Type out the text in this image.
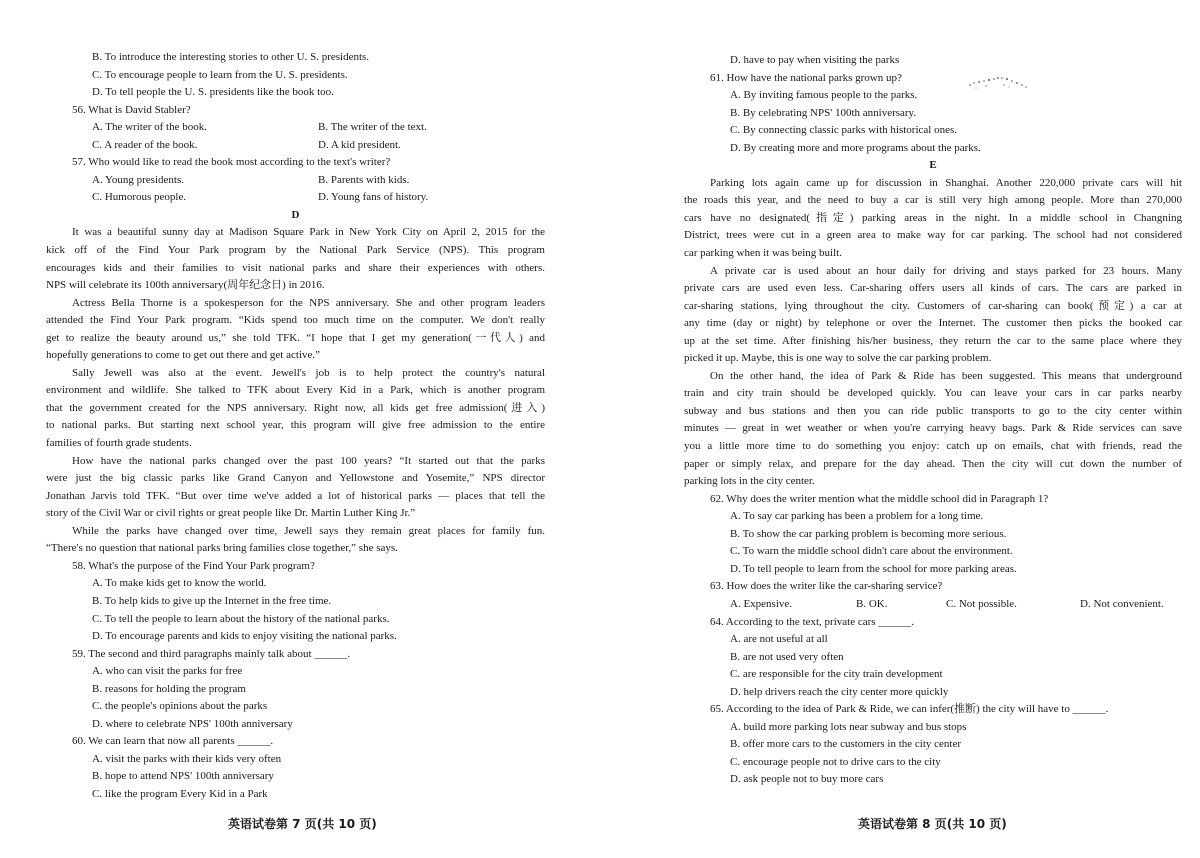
B. To introduce the interesting stories to other U. S. presidents.
C. To encourage people to learn from the U. S. presidents.
D. To tell people the U. S. presidents like the book too.
56. What is David Stabler?
A. The writer of the book.	B. The writer of the text.
C. A reader of the book.	D. A kid president.
57. Who would like to read the book most according to the text's writer?
A. Young presidents.	B. Parents with kids.
C. Humorous people.	D. Young fans of history.
D
It was a beautiful sunny day at Madison Square Park in New York City on April 2, 2015 for the
kick off of the Find Your Park program by the National Park Service (NPS). This program
encourages kids and their families to visit national parks and share their experiences with others.
NPS will celebrate its 100th anniversary(周年纪念日) in 2016.
Actress Bella Thorne is a spokesperson for the NPS anniversary. She and other program leaders
attended the Find Your Park program. “Kids spend too much time on the computer. We don't really
get to realize the beauty around us,” she told TFK. “I hope that I get my generation(一代人) and
hopefully generations to come to get out there and get active.”
Sally Jewell was also at the event. Jewell's job is to help protect the country's natural
environment and wildlife. She talked to TFK about Every Kid in a Park, which is another program
that the government created for the NPS anniversary. Right now, all kids get free admission(进入)
to national parks. But starting next school year, this program will give free admission to the entire
families of fourth grade students.
How have the national parks changed over the past 100 years? “It started out that the parks
were just the big classic parks like Grand Canyon and Yellowstone and Yosemite,” NPS director
Jonathan Jarvis told TFK. “But over time we've added a lot of historical parks — places that tell the
story of the Civil War or civil rights or great people like Dr. Martin Luther King Jr.”
While the parks have changed over time, Jewell says they remain great places for family fun.
“There's no question that national parks bring families close together,” she says.
58. What's the purpose of the Find Your Park program?
A. To make kids get to know the world.
B. To help kids to give up the Internet in the free time.
C. To tell the people to learn about the history of the national parks.
D. To encourage parents and kids to enjoy visiting the national parks.
59. The second and third paragraphs mainly talk about ______.
A. who can visit the parks for free
B. reasons for holding the program
C. the people's opinions about the parks
D. where to celebrate NPS' 100th anniversary
60. We can learn that now all parents ______.
A. visit the parks with their kids very often
B. hope to attend NPS' 100th anniversary
C. like the program Every Kid in a Park
英语试卷第 7 页(共 10 页)
D. have to pay when visiting the parks
61. How have the national parks grown up?
A. By inviting famous people to the parks.
B. By celebrating NPS' 100th anniversary.
C. By connecting classic parks with historical ones.
D. By creating more and more programs about the parks.
E
Parking lots again came up for discussion in Shanghai. Another 220,000 private cars will hit
the roads this year, and the need to buy a car is still very high among people. More than 270,000
cars have no designated(指定) parking areas in the night. In a middle school in Changning
District, trees were cut in a green area to make way for car parking. The school had not considered
car parking when it was being built.
A private car is used about an hour daily for driving and stays parked for 23 hours. Many
private cars are used even less. Car-sharing offers users all kinds of cars. The cars are parked in
car-sharing stations, lying throughout the city. Customers of car-sharing can book(预定) a car at
any time (day or night) by telephone or over the Internet. The customer then picks the booked car
up at the set time. After finishing his/her business, they return the car to the same place where they
picked it up. Maybe, this is one way to solve the car parking problem.
On the other hand, the idea of Park & Ride has been suggested. This means that underground
train and city train should be developed quickly. You can leave your cars in car parks nearby
subway and bus stations and then you can ride public transports to go to the city center within
minutes — great in wet weather or when you're carrying heavy bags. Park & Ride services can save
you a little more time to do something you enjoy: catch up on emails, chat with friends, read the
paper or simply relax, and prepare for the day ahead. Then the city will cut down the number of
parking lots in the city center.
62. Why does the writer mention what the middle school did in Paragraph 1?
A. To say car parking has been a problem for a long time.
B. To show the car parking problem is becoming more serious.
C. To warn the middle school didn't care about the environment.
D. To tell people to learn from the school for more parking areas.
63. How does the writer like the car-sharing service?
A. Expensive.	B. OK.	C. Not possible.	D. Not convenient.
64. According to the text, private cars ______.
A. are not useful at all
B. are not used very often
C. are responsible for the city train development
D. help drivers reach the city center more quickly
65. According to the idea of Park & Ride, we can infer(推断) the city will have to ______.
A. build more parking lots near subway and bus stops
B. offer more cars to the customers in the city center
C. encourage people not to drive cars to the city
D. ask people not to buy more cars
英语试卷第 8 页(共 10 页)
